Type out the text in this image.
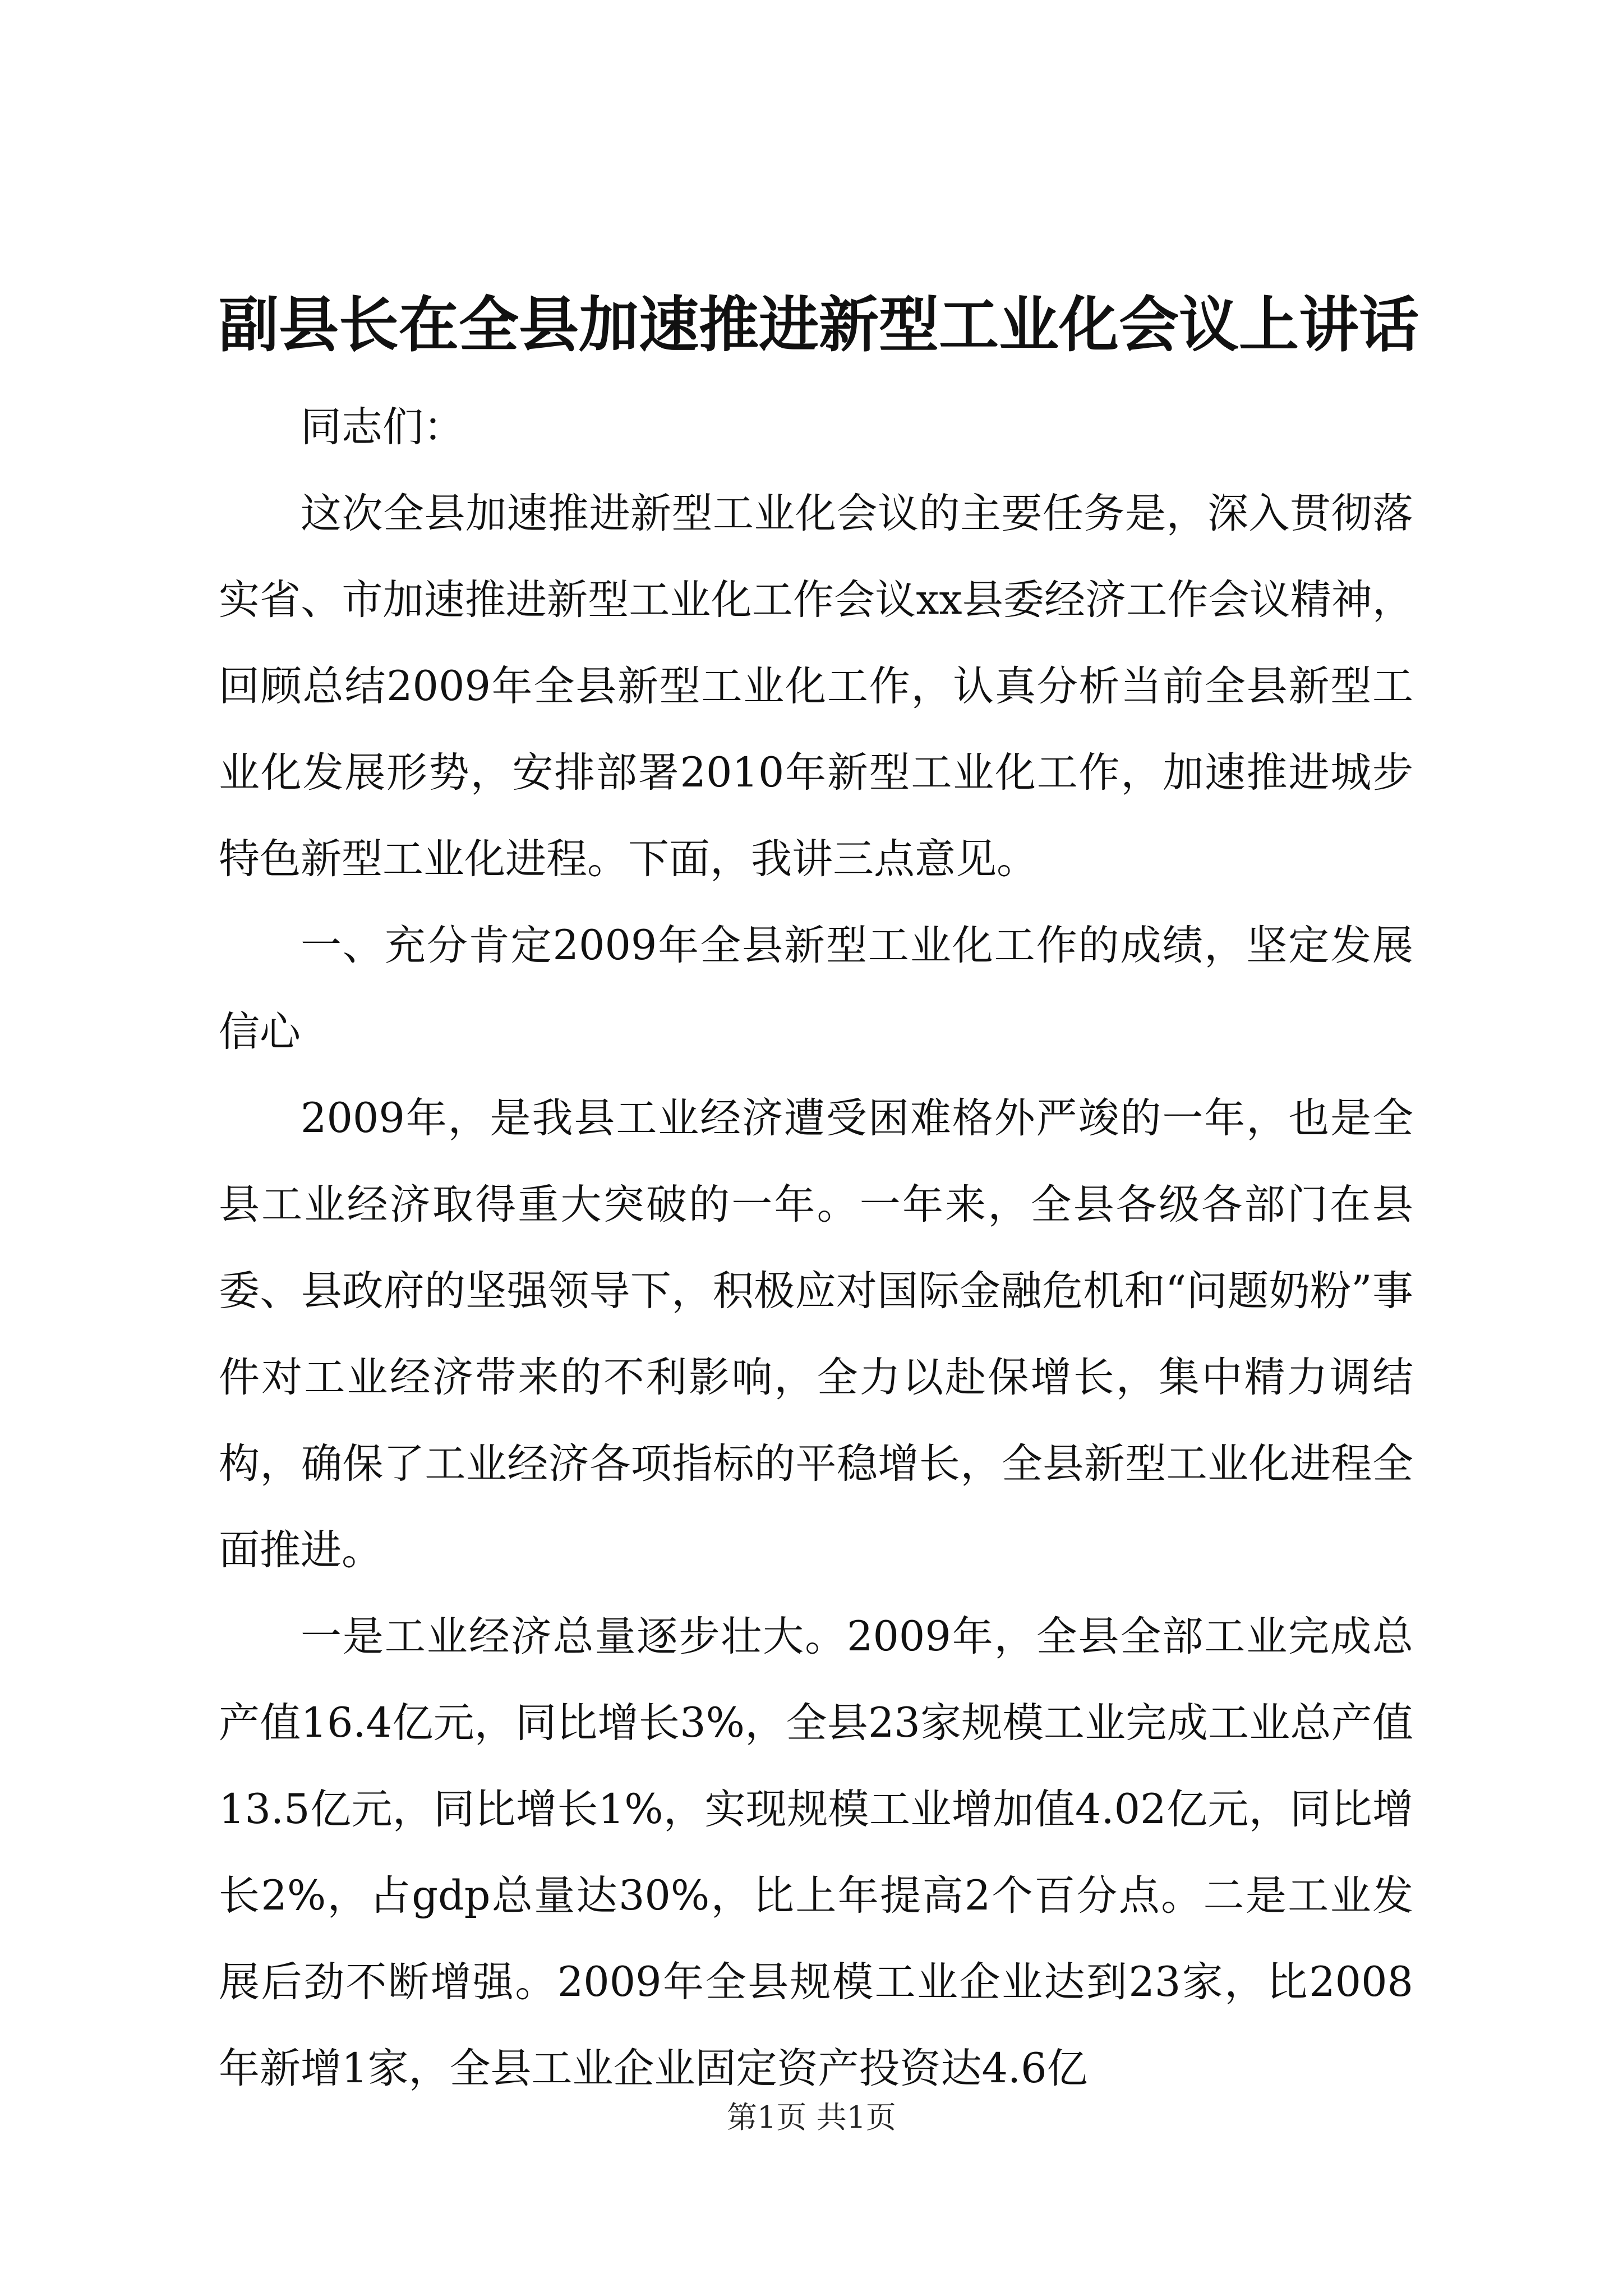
副县长在全县加速推进新型工业化会议上讲话

同志们：

这次全县加速推进新型工业化会议的主要任务是，深入贯彻落实省、市加速推进新型工业化工作会议xx县委经济工作会议精神，回顾总结2009年全县新型工业化工作，认真分析当前全县新型工业化发展形势，安排部署2010年新型工业化工作，加速推进城步特色新型工业化进程。下面，我讲三点意见。

一、充分肯定2009年全县新型工业化工作的成绩，坚定发展信心

2009年，是我县工业经济遭受困难格外严竣的一年，也是全县工业经济取得重大突破的一年。一年来，全县各级各部门在县委、县政府的坚强领导下，积极应对国际金融危机和“问题奶粉”事件对工业经济带来的不利影响，全力以赴保增长，集中精力调结构，确保了工业经济各项指标的平稳增长，全县新型工业化进程全面推进。

一是工业经济总量逐步壮大。2009年，全县全部工业完成总产值16.4亿元，同比增长3%，全县23家规模工业完成工业总产值13.5亿元，同比增长1%，实现规模工业增加值4.02亿元，同比增长2%，占gdp总量达30%，比上年提高2个百分点。二是工业发展后劲不断增强。2009年全县规模工业企业达到23家，比2008年新增1家，全县工业企业固定资产投资达4.6亿

第1页 共1页
